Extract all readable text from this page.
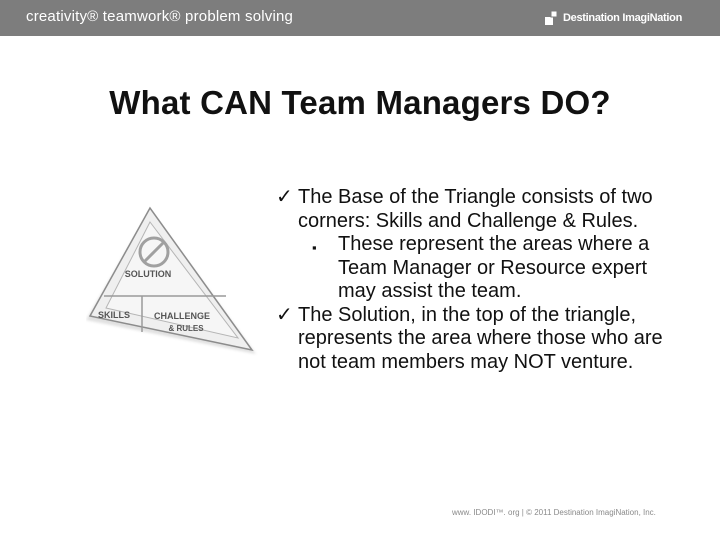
creativity® teamwork® problem solving	Destination ImagiNation
What CAN Team Managers DO?
SOLUTION
SKILLS	CHALLENGE
& RULES
✓ The Base of the Triangle consists of two corners: Skills and Challenge & Rules.
▪	These represent the areas where a Team Manager or Resource expert may assist the team.
✓ The Solution, in the top of the triangle, represents the area where those who are not team members may NOT venture.
www. IDODI™. org | © 2011 Destination ImagiNation, Inc.
